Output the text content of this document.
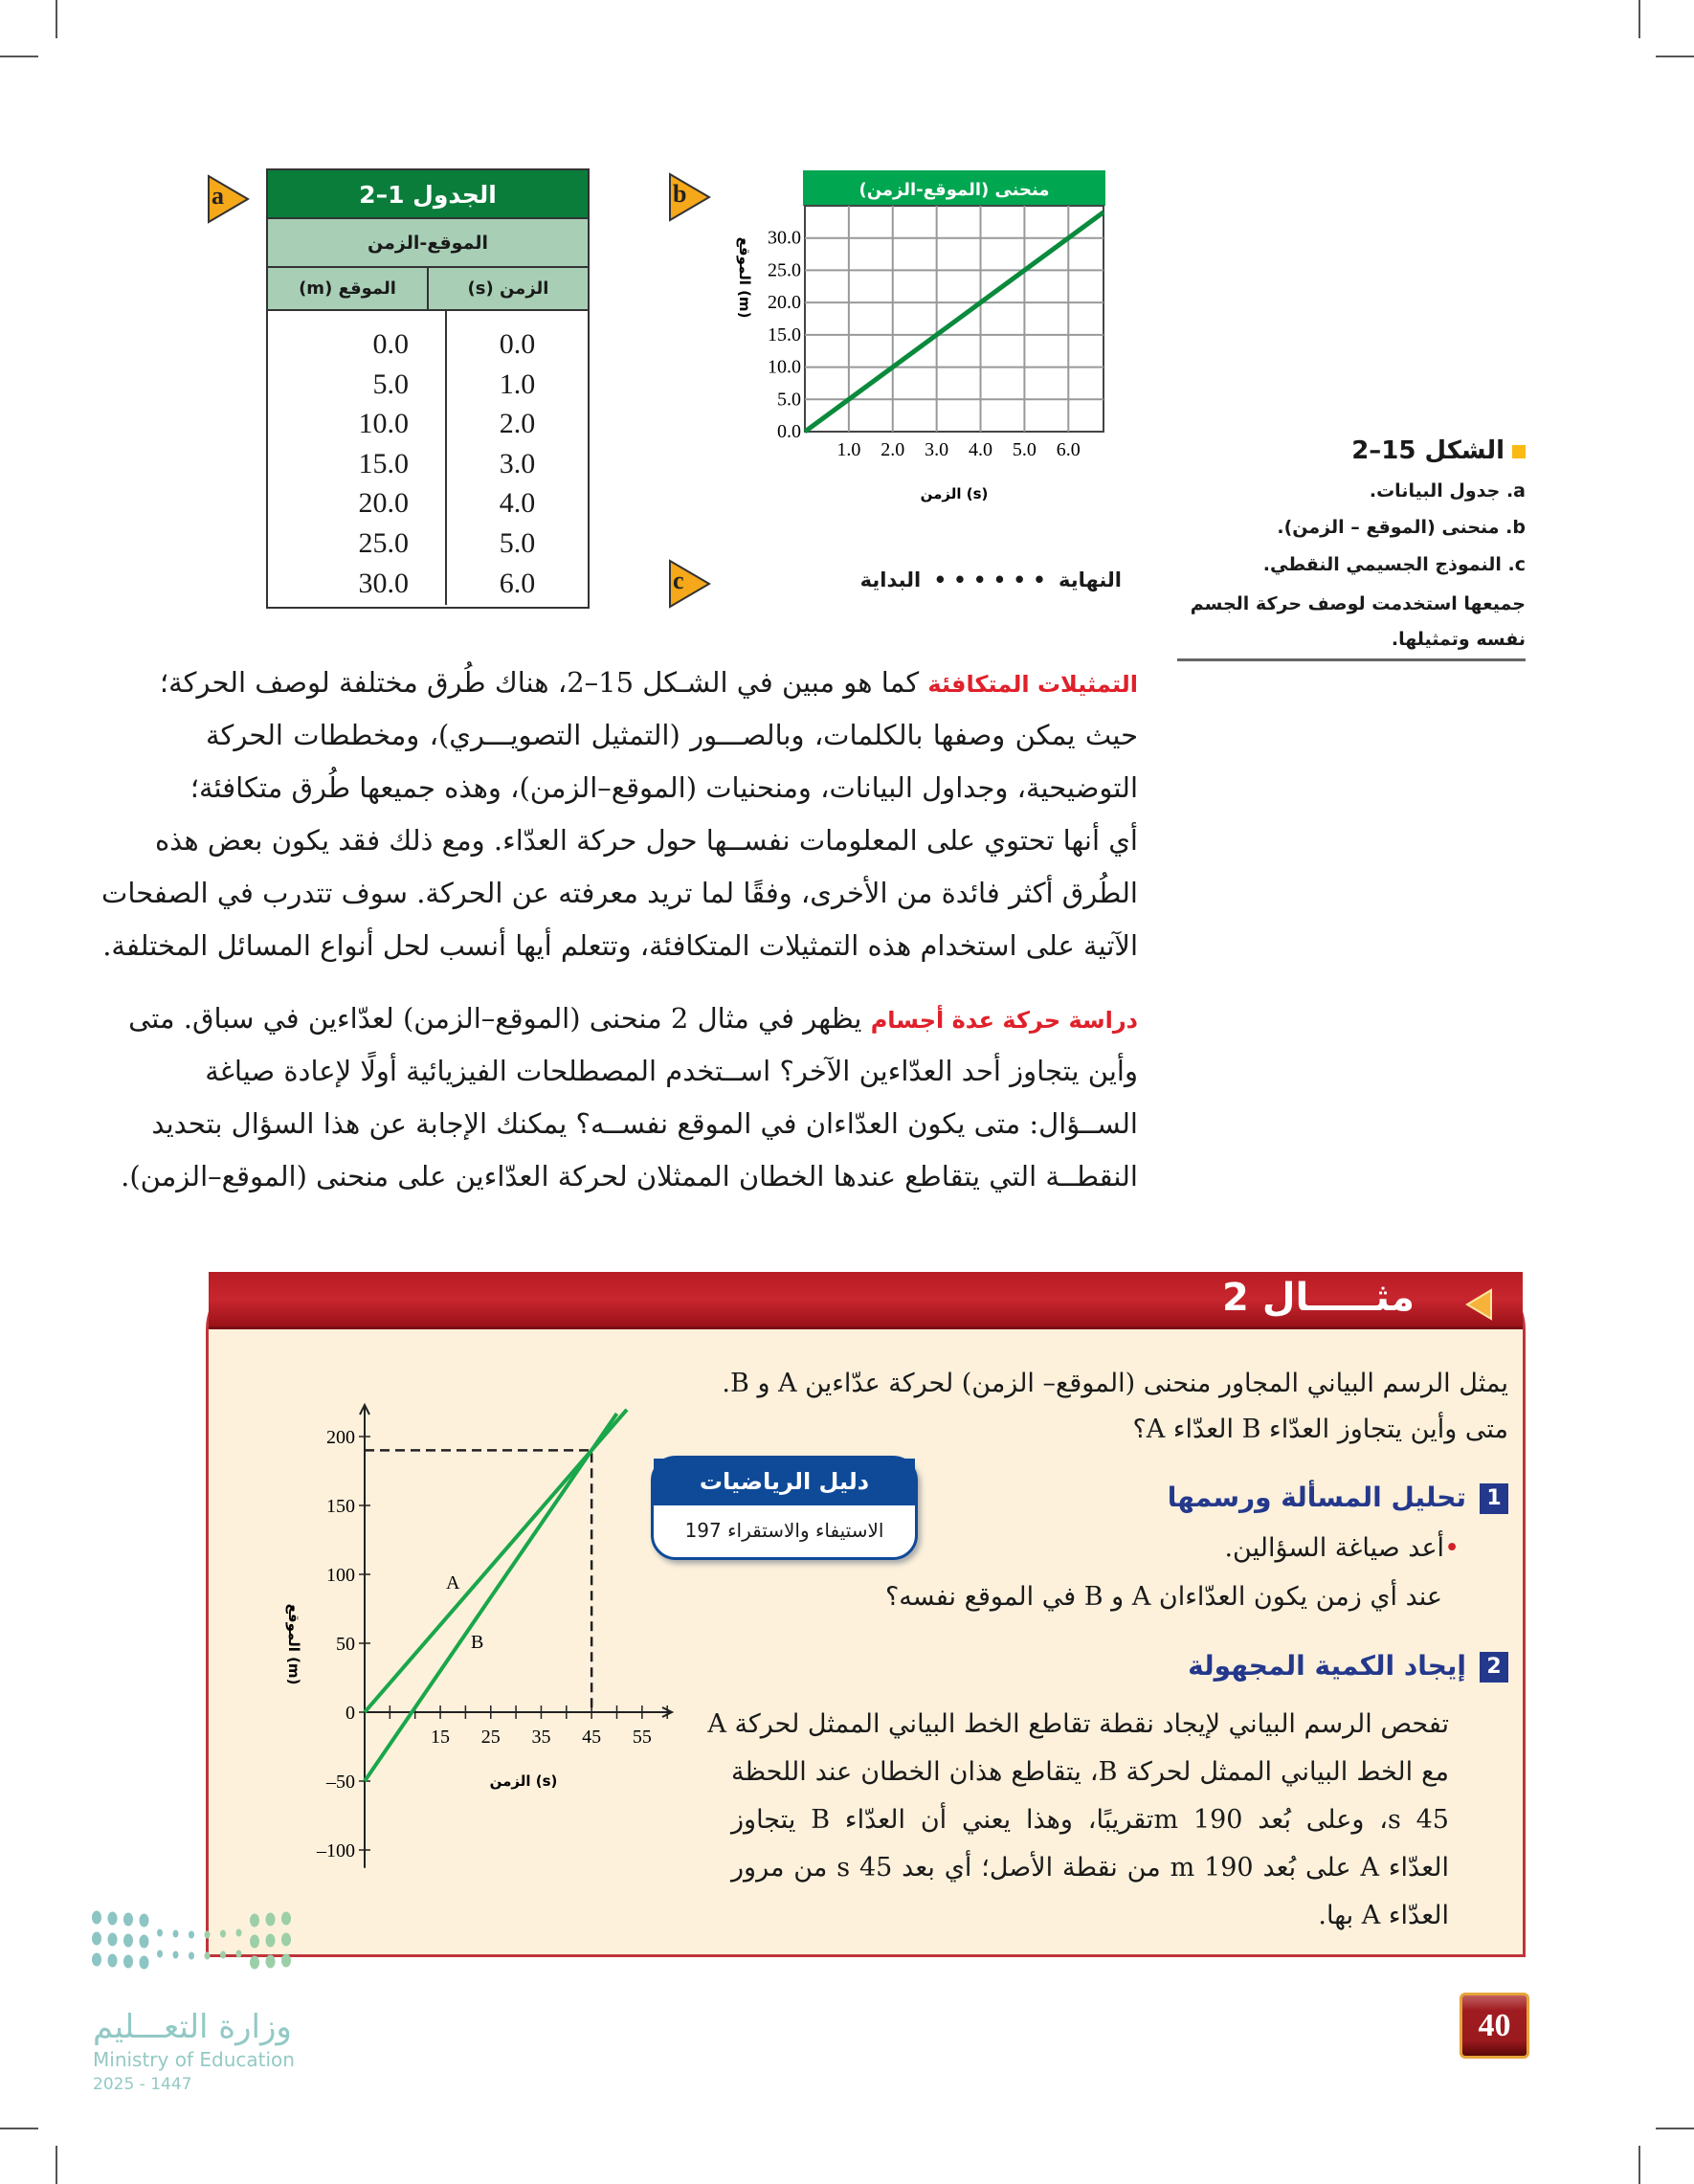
a	b
c
الجدول 1–2
الموقع-الزمن
الزمن (s)
الموقع (m)
0.0
1.0
2.0
3.0
4.0
5.0
6.0
0.0
5.0
10.0
15.0
20.0
25.0
30.0
منحنى (الموقع-الزمن)
1.0 2.0 3.0 4.0 5.0 6.0
0.0
5.0
10.0
15.0
20.0
25.0
30.0
الزمن (s)
الموقع (m)
النهاية • • • • • • البداية
الشكل 15–2
a. جدول البيانات.
b. منحنى (الموقع – الزمن).
c. النموذج الجسيمي النقطي.
جميعها استخدمت لوصف حركة الجسم
نفسه وتمثيلها.
التمثيلات المتكافئة كما هو مبين في الشـكل 15–2، هناك طُرق مختلفة لوصف الحركة؛
حيث يمكن وصفها بالكلمات، وبالصـــور (التمثيل التصويـــري)، ومخططات الحركة
التوضيحية، وجداول البيانات، ومنحنيات (الموقع–الزمن)، وهذه جميعها طُرق متكافئة؛
أي أنها تحتوي على المعلومات نفســها حول حركة العدّاء. ومع ذلك فقد يكون بعض هذه
الطُرق أكثر فائدة من الأخرى، وفقًا لما تريد معرفته عن الحركة. سوف تتدرب في الصفحات
الآتية على استخدام هذه التمثيلات المتكافئة، وتتعلم أيها أنسب لحل أنواع المسائل المختلفة.
دراسة حركة عدة أجسام يظهر في مثال 2 منحنى (الموقع–الزمن) لعدّاءين في سباق. متى
وأين يتجاوز أحد العدّاءين الآخر؟ اســتخدم المصطلحات الفيزيائية أولًا لإعادة صياغة
الســؤال: متى يكون العدّاءان في الموقع نفســه؟ يمكنك الإجابة عن هذا السؤال بتحديد
النقطــة التي يتقاطع عندها الخطان الممثلان لحركة العدّاءين على منحنى (الموقع–الزمن).
مثـــــال 2
يمثل الرسم البياني المجاور منحنى (الموقع– الزمن) لحركة عدّاءين A و B.
متى وأين يتجاوز العدّاء B العدّاء A؟
1تحليل المسألة ورسمها
•أعد صياغة السؤالين.
عند أي زمن يكون العدّاءان A و B في الموقع نفسه؟
2إيجاد الكمية المجهولة
تفحص الرسم البياني لإيجاد نقطة تقاطع الخط البياني الممثل لحركة A
مع الخط البياني الممثل لحركة B، يتقاطع هذان الخطان عند اللحظة
45 s، وعلى بُعد 190 mتقريبًا، وهذا يعني أن العدّاء B يتجاوز
العدّاء A على بُعد 190 m من نقطة الأصل؛ أي بعد 45 s من مرور
العدّاء A بها.
دليل الرياضيات
الاستيفاء والاستقراء 197
15 25 35 45 55
200
150
100
50
0
–50
–100
A
B
الزمن (s)
الموقع (m)
وزارة التعـــليم
Ministry of Education
2025 - 1447
40
